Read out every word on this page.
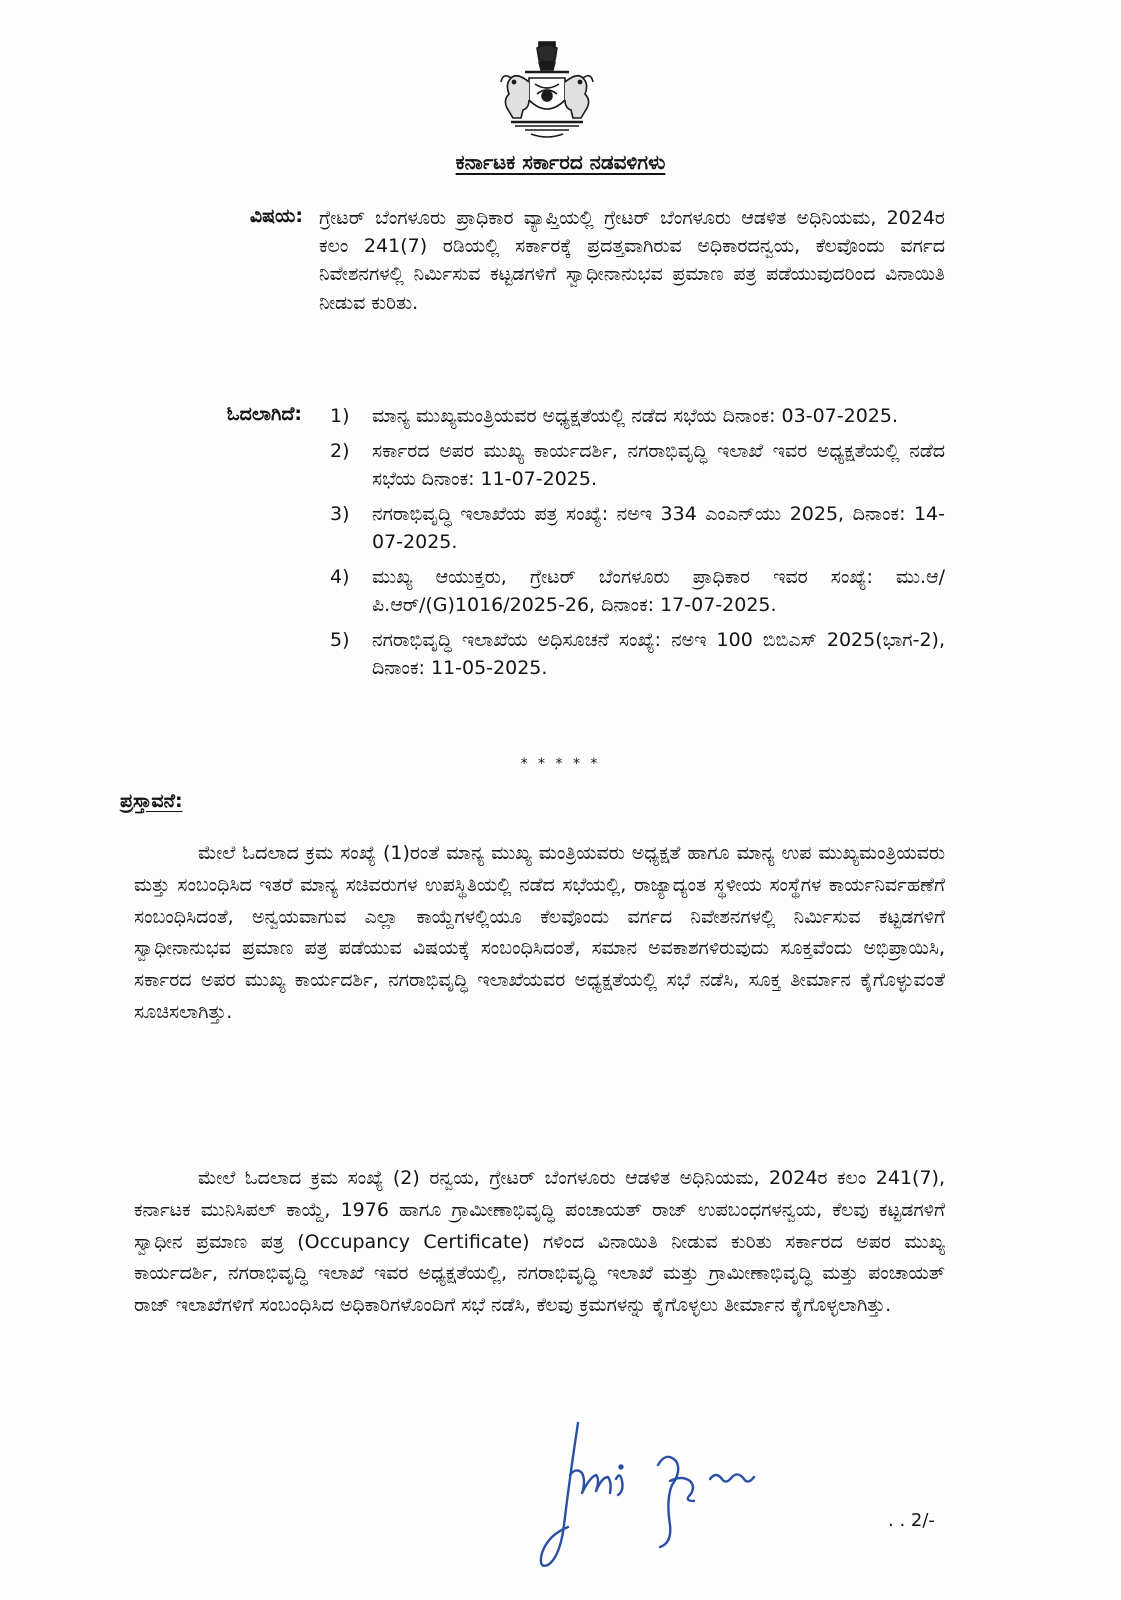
ಕರ್ನಾಟಕ ಸರ್ಕಾರದ ನಡವಳಿಗಳು
ವಿಷಯ: ಗ್ರೇಟರ್ ಬೆಂಗಳೂರು ಪ್ರಾಧಿಕಾರ ವ್ಯಾಪ್ತಿಯಲ್ಲಿ ಗ್ರೇಟರ್ ಬೆಂಗಳೂರು ಆಡಳಿತ ಅಧಿನಿಯಮ, 2024ರ ಕಲಂ 241(7) ರಡಿಯಲ್ಲಿ ಸರ್ಕಾರಕ್ಕೆ ಪ್ರದತ್ತವಾಗಿರುವ ಅಧಿಕಾರದನ್ವಯ, ಕೆಲವೊಂದು ವರ್ಗದ ನಿವೇಶನಗಳಲ್ಲಿ ನಿರ್ಮಿಸುವ ಕಟ್ಟಡಗಳಿಗೆ ಸ್ವಾಧೀನಾನುಭವ ಪ್ರಮಾಣ ಪತ್ರ ಪಡೆಯುವುದರಿಂದ ವಿನಾಯಿತಿ ನೀಡುವ ಕುರಿತು.
ಓದಲಾಗಿದೆ: 1)	ಮಾನ್ಯ ಮುಖ್ಯಮಂತ್ರಿಯವರ ಅಧ್ಯಕ್ಷತೆಯಲ್ಲಿ ನಡೆದ ಸಭೆಯ ದಿನಾಂಕ: 03-07-2025.
2)	ಸರ್ಕಾರದ ಅಪರ ಮುಖ್ಯ ಕಾರ್ಯದರ್ಶಿ, ನಗರಾಭಿವೃದ್ಧಿ ಇಲಾಖೆ ಇವರ ಅಧ್ಯಕ್ಷತೆಯಲ್ಲಿ ನಡೆದ ಸಭೆಯ ದಿನಾಂಕ: 11-07-2025.
3)	ನಗರಾಭಿವೃದ್ಧಿ ಇಲಾಖೆಯ ಪತ್ರ ಸಂಖ್ಯೆ: ನಅಇ 334 ಎಂಎನ್‌ಯು 2025, ದಿನಾಂಕ: 14-07-2025.
4)	ಮುಖ್ಯ ಆಯುಕ್ತರು, ಗ್ರೇಟರ್ ಬೆಂಗಳೂರು ಪ್ರಾಧಿಕಾರ ಇವರ ಸಂಖ್ಯೆ: ಮು.ಆ/ಪಿ.ಆರ್/(G)1016/2025-26, ದಿನಾಂಕ: 17-07-2025.
5)	ನಗರಾಭಿವೃದ್ಧಿ ಇಲಾಖೆಯ ಅಧಿಸೂಚನೆ ಸಂಖ್ಯೆ: ನಅಇ 100 ಬಿಬಿಎಸ್ 2025(ಭಾಗ-2), ದಿನಾಂಕ: 11-05-2025.
* * * * *
ಪ್ರಸ್ತಾವನೆ:

ಮೇಲೆ ಓದಲಾದ ಕ್ರಮ ಸಂಖ್ಯೆ (1)ರಂತೆ ಮಾನ್ಯ ಮುಖ್ಯ ಮಂತ್ರಿಯವರು ಅಧ್ಯಕ್ಷತೆ ಹಾಗೂ ಮಾನ್ಯ ಉಪ ಮುಖ್ಯಮಂತ್ರಿಯವರು ಮತ್ತು ಸಂಬಂಧಿಸಿದ ಇತರೆ ಮಾನ್ಯ ಸಚಿವರುಗಳ ಉಪಸ್ಥಿತಿಯಲ್ಲಿ ನಡೆದ ಸಭೆಯಲ್ಲಿ, ರಾಜ್ಯಾದ್ಯಂತ ಸ್ಥಳೀಯ ಸಂಸ್ಥೆಗಳ ಕಾರ್ಯನಿರ್ವಹಣೆಗೆ ಸಂಬಂಧಿಸಿದಂತೆ, ಅನ್ವಯವಾಗುವ ಎಲ್ಲಾ ಕಾಯ್ದೆಗಳಲ್ಲಿಯೂ ಕೆಲವೊಂದು ವರ್ಗದ ನಿವೇಶನಗಳಲ್ಲಿ ನಿರ್ಮಿಸುವ ಕಟ್ಟಡಗಳಿಗೆ ಸ್ವಾಧೀನಾನುಭವ ಪ್ರಮಾಣ ಪತ್ರ ಪಡೆಯುವ ವಿಷಯಕ್ಕೆ ಸಂಬಂಧಿಸಿದಂತೆ, ಸಮಾನ ಅವಕಾಶಗಳಿರುವುದು ಸೂಕ್ತವೆಂದು ಅಭಿಪ್ರಾಯಿಸಿ, ಸರ್ಕಾರದ ಅಪರ ಮುಖ್ಯ ಕಾರ್ಯದರ್ಶಿ, ನಗರಾಭಿವೃದ್ಧಿ ಇಲಾಖೆಯವರ ಅಧ್ಯಕ್ಷತೆಯಲ್ಲಿ ಸಭೆ ನಡೆಸಿ, ಸೂಕ್ತ ತೀರ್ಮಾನ ಕೈಗೊಳ್ಳುವಂತೆ ಸೂಚಿಸಲಾಗಿತ್ತು.

ಮೇಲೆ ಓದಲಾದ ಕ್ರಮ ಸಂಖ್ಯೆ (2) ರನ್ವಯ, ಗ್ರೇಟರ್ ಬೆಂಗಳೂರು ಆಡಳಿತ ಅಧಿನಿಯಮ, 2024ರ ಕಲಂ 241(7), ಕರ್ನಾಟಕ ಮುನಿಸಿಪಲ್ ಕಾಯ್ದೆ, 1976 ಹಾಗೂ ಗ್ರಾಮೀಣಾಭಿವೃದ್ಧಿ ಪಂಚಾಯತ್ ರಾಜ್ ಉಪಬಂಧಗಳನ್ವಯ, ಕೆಲವು ಕಟ್ಟಡಗಳಿಗೆ ಸ್ವಾಧೀನ ಪ್ರಮಾಣ ಪತ್ರ (Occupancy Certificate) ಗಳಿಂದ ವಿನಾಯಿತಿ ನೀಡುವ ಕುರಿತು ಸರ್ಕಾರದ ಅಪರ ಮುಖ್ಯ ಕಾರ್ಯದರ್ಶಿ, ನಗರಾಭಿವೃದ್ಧಿ ಇಲಾಖೆ ಇವರ ಅಧ್ಯಕ್ಷತೆಯಲ್ಲಿ, ನಗರಾಭಿವೃದ್ಧಿ ಇಲಾಖೆ ಮತ್ತು ಗ್ರಾಮೀಣಾಭಿವೃದ್ಧಿ ಮತ್ತು ಪಂಚಾಯತ್ ರಾಜ್ ಇಲಾಖೆಗಳಿಗೆ ಸಂಬಂಧಿಸಿದ ಅಧಿಕಾರಿಗಳೊಂದಿಗೆ ಸಭೆ ನಡೆಸಿ, ಕೆಲವು ಕ್ರಮಗಳನ್ನು ಕೈಗೊಳ್ಳಲು ತೀರ್ಮಾನ ಕೈಗೊಳ್ಳಲಾಗಿತ್ತು.

. . 2/-
